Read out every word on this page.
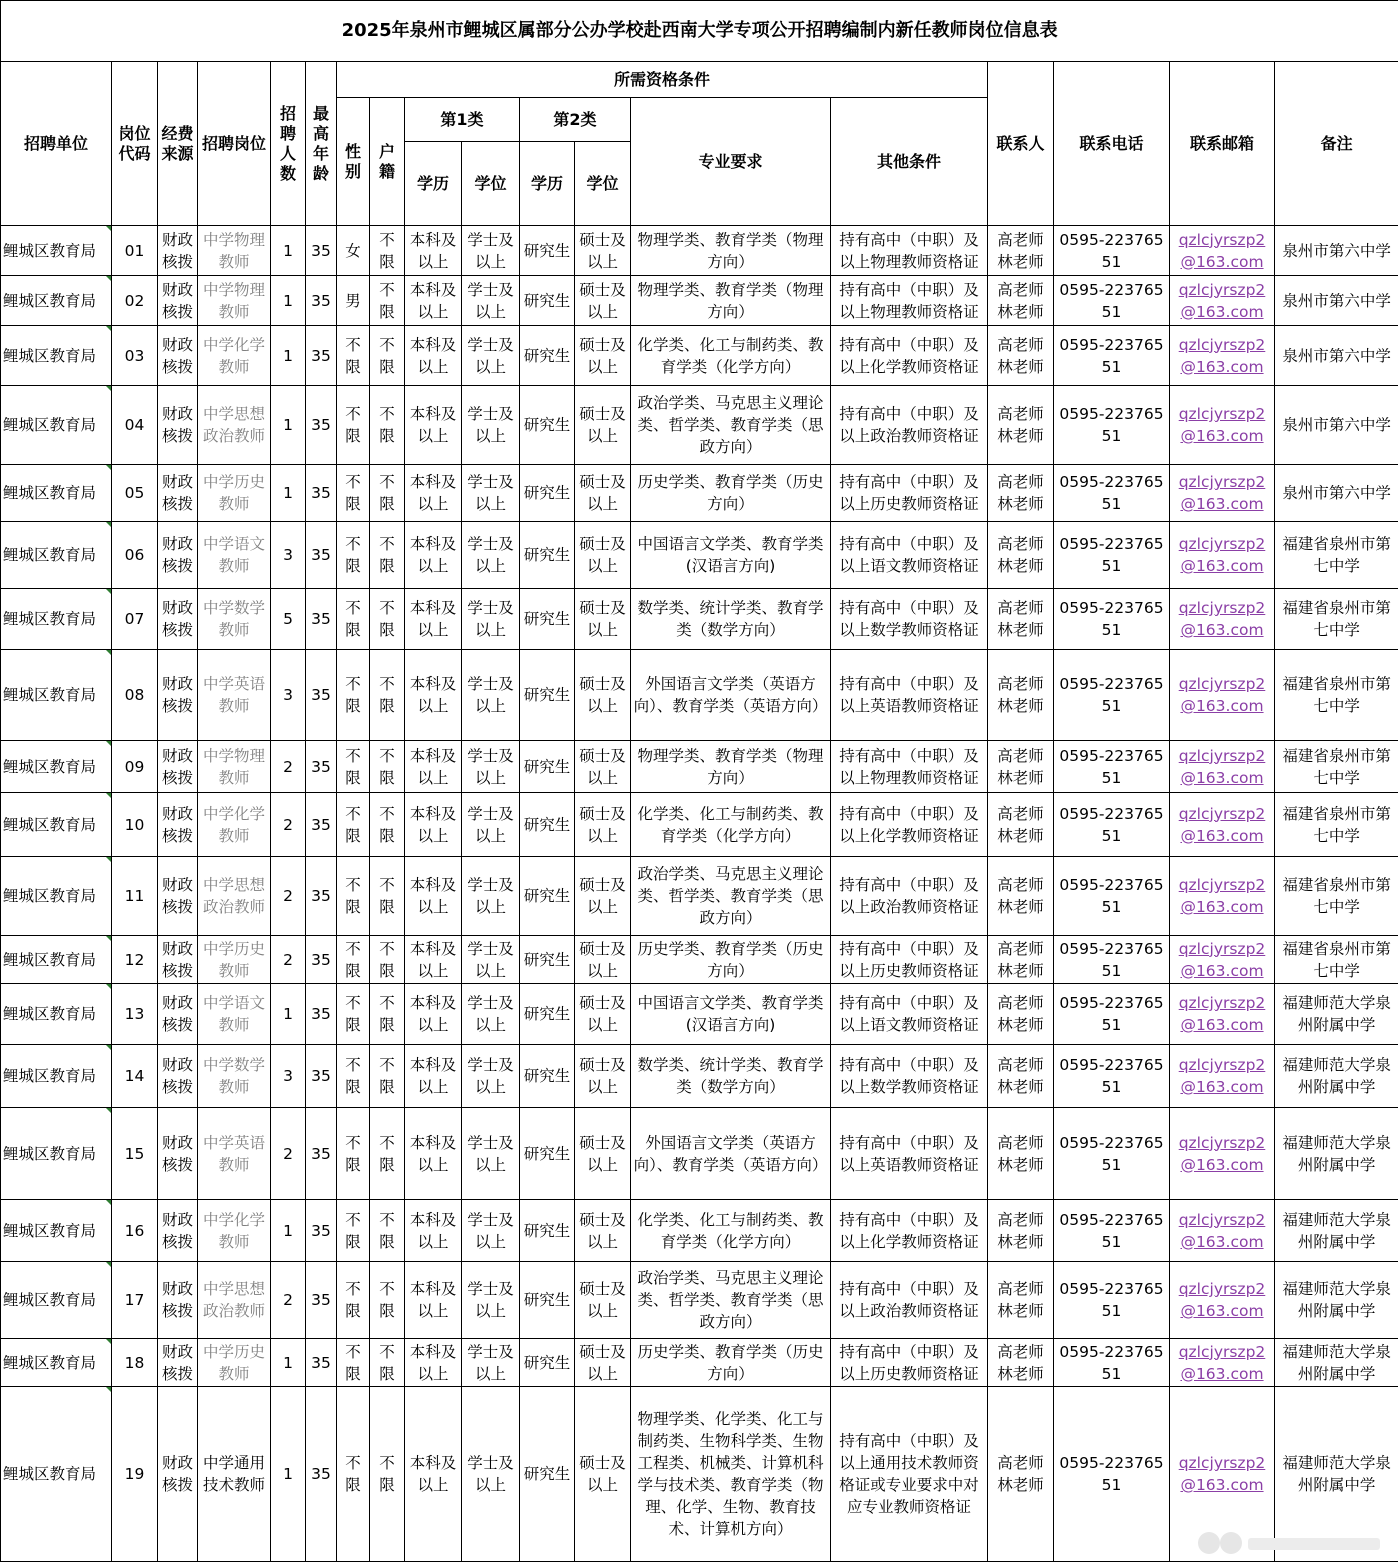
2025年泉州市鲤城区属部分公办学校赴西南大学专项公开招聘编制内新任教师岗位信息表																	
招聘单位	岗位代码	经费来源	招聘岗位	招聘人数	最高年龄	所需资格条件								联系人	联系电话	联系邮箱	备注
						性别	户籍	第1类		第2类		专业要求	其他条件				
								学历	学位	学历	学位						
鲤城区教育局	01	财政核拨	中学物理教师	1	35	女	不限	本科及以上	学士及以上	研究生	硕士及以上	物理学类、教育学类（物理方向）	持有高中（中职）及以上物理教师资格证	高老师林老师	0595-22376551	qzlcjyrszp2@163.com	泉州市第六中学
鲤城区教育局	02	财政核拨	中学物理教师	1	35	男	不限	本科及以上	学士及以上	研究生	硕士及以上	物理学类、教育学类（物理方向）	持有高中（中职）及以上物理教师资格证	高老师林老师	0595-22376551	qzlcjyrszp2@163.com	泉州市第六中学
鲤城区教育局	03	财政核拨	中学化学教师	1	35	不限	不限	本科及以上	学士及以上	研究生	硕士及以上	化学类、化工与制药类、教育学类（化学方向）	持有高中（中职）及以上化学教师资格证	高老师林老师	0595-22376551	qzlcjyrszp2@163.com	泉州市第六中学
鲤城区教育局	04	财政核拨	中学思想政治教师	1	35	不限	不限	本科及以上	学士及以上	研究生	硕士及以上	政治学类、马克思主义理论类、哲学类、教育学类（思政方向）	持有高中（中职）及以上政治教师资格证	高老师林老师	0595-22376551	qzlcjyrszp2@163.com	泉州市第六中学
鲤城区教育局	05	财政核拨	中学历史教师	1	35	不限	不限	本科及以上	学士及以上	研究生	硕士及以上	历史学类、教育学类（历史方向）	持有高中（中职）及以上历史教师资格证	高老师林老师	0595-22376551	qzlcjyrszp2@163.com	泉州市第六中学
鲤城区教育局	06	财政核拨	中学语文教师	3	35	不限	不限	本科及以上	学士及以上	研究生	硕士及以上	中国语言文学类、教育学类(汉语言方向)	持有高中（中职）及以上语文教师资格证	高老师林老师	0595-22376551	qzlcjyrszp2@163.com	福建省泉州市第七中学
鲤城区教育局	07	财政核拨	中学数学教师	5	35	不限	不限	本科及以上	学士及以上	研究生	硕士及以上	数学类、统计学类、教育学类（数学方向）	持有高中（中职）及以上数学教师资格证	高老师林老师	0595-22376551	qzlcjyrszp2@163.com	福建省泉州市第七中学
鲤城区教育局	08	财政核拨	中学英语教师	3	35	不限	不限	本科及以上	学士及以上	研究生	硕士及以上	外国语言文学类（英语方向）、教育学类（英语方向）	持有高中（中职）及以上英语教师资格证	高老师林老师	0595-22376551	qzlcjyrszp2@163.com	福建省泉州市第七中学
鲤城区教育局	09	财政核拨	中学物理教师	2	35	不限	不限	本科及以上	学士及以上	研究生	硕士及以上	物理学类、教育学类（物理方向）	持有高中（中职）及以上物理教师资格证	高老师林老师	0595-22376551	qzlcjyrszp2@163.com	福建省泉州市第七中学
鲤城区教育局	10	财政核拨	中学化学教师	2	35	不限	不限	本科及以上	学士及以上	研究生	硕士及以上	化学类、化工与制药类、教育学类（化学方向）	持有高中（中职）及以上化学教师资格证	高老师林老师	0595-22376551	qzlcjyrszp2@163.com	福建省泉州市第七中学
鲤城区教育局	11	财政核拨	中学思想政治教师	2	35	不限	不限	本科及以上	学士及以上	研究生	硕士及以上	政治学类、马克思主义理论类、哲学类、教育学类（思政方向）	持有高中（中职）及以上政治教师资格证	高老师林老师	0595-22376551	qzlcjyrszp2@163.com	福建省泉州市第七中学
鲤城区教育局	12	财政核拨	中学历史教师	2	35	不限	不限	本科及以上	学士及以上	研究生	硕士及以上	历史学类、教育学类（历史方向）	持有高中（中职）及以上历史教师资格证	高老师林老师	0595-22376551	qzlcjyrszp2@163.com	福建省泉州市第七中学
鲤城区教育局	13	财政核拨	中学语文教师	1	35	不限	不限	本科及以上	学士及以上	研究生	硕士及以上	中国语言文学类、教育学类(汉语言方向)	持有高中（中职）及以上语文教师资格证	高老师林老师	0595-22376551	qzlcjyrszp2@163.com	福建师范大学泉州附属中学
鲤城区教育局	14	财政核拨	中学数学教师	3	35	不限	不限	本科及以上	学士及以上	研究生	硕士及以上	数学类、统计学类、教育学类（数学方向）	持有高中（中职）及以上数学教师资格证	高老师林老师	0595-22376551	qzlcjyrszp2@163.com	福建师范大学泉州附属中学
鲤城区教育局	15	财政核拨	中学英语教师	2	35	不限	不限	本科及以上	学士及以上	研究生	硕士及以上	外国语言文学类（英语方向）、教育学类（英语方向）	持有高中（中职）及以上英语教师资格证	高老师林老师	0595-22376551	qzlcjyrszp2@163.com	福建师范大学泉州附属中学
鲤城区教育局	16	财政核拨	中学化学教师	1	35	不限	不限	本科及以上	学士及以上	研究生	硕士及以上	化学类、化工与制药类、教育学类（化学方向）	持有高中（中职）及以上化学教师资格证	高老师林老师	0595-22376551	qzlcjyrszp2@163.com	福建师范大学泉州附属中学
鲤城区教育局	17	财政核拨	中学思想政治教师	2	35	不限	不限	本科及以上	学士及以上	研究生	硕士及以上	政治学类、马克思主义理论类、哲学类、教育学类（思政方向）	持有高中（中职）及以上政治教师资格证	高老师林老师	0595-22376551	qzlcjyrszp2@163.com	福建师范大学泉州附属中学
鲤城区教育局	18	财政核拨	中学历史教师	1	35	不限	不限	本科及以上	学士及以上	研究生	硕士及以上	历史学类、教育学类（历史方向）	持有高中（中职）及以上历史教师资格证	高老师林老师	0595-22376551	qzlcjyrszp2@163.com	福建师范大学泉州附属中学
鲤城区教育局	19	财政核拨	中学通用技术教师	1	35	不限	不限	本科及以上	学士及以上	研究生	硕士及以上	物理学类、化学类、化工与制药类、生物科学类、生物工程类、机械类、计算机科学与技术类、教育学类（物理、化学、生物、教育技术、计算机方向）	持有高中（中职）及以上通用技术教师资格证或专业要求中对应专业教师资格证	高老师林老师	0595-22376551	qzlcjyrszp2@163.com	福建师范大学泉州附属中学
